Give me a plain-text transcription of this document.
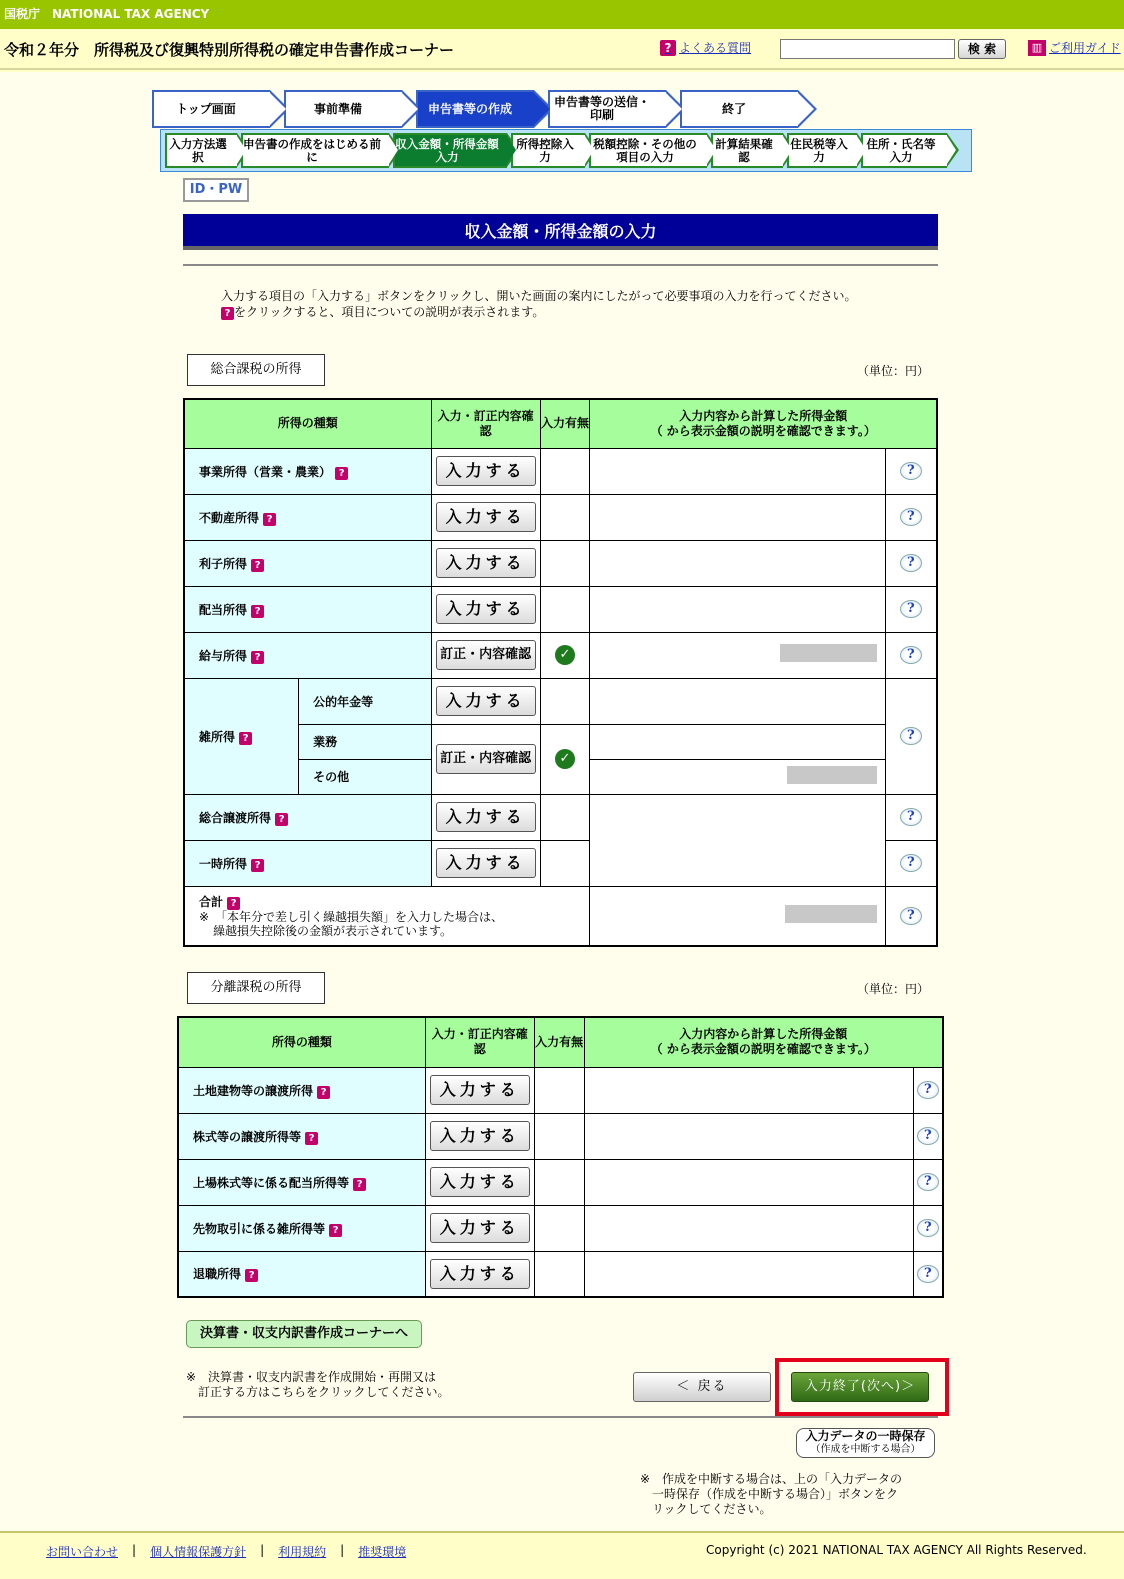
国税庁　NATIONAL TAX AGENCY
令和２年分　所得税及び復興特別所得税の確定申告書作成コーナー	? よくある質問	検 索	▥ ご利用ガイド
トップ画面	事前準備	申告書等の作成	申告書等の送信・印刷	終了
入力方法選択
申告書の作成をはじめる前に
収入金額・所得金額入力
所得控除入力
税額控除・その他の項目の入力
計算結果確認
住民税等入力
住所・氏名等入力
ID・PW
収入金額・所得金額の入力
入力する項目の「入力する」ボタンをクリックし、開いた画面の案内にしたがって必要事項の入力を行ってください。
? をクリックすると、項目についての説明が表示されます。
総合課税の所得	（単位：円）
所得の種類		入力・訂正内容確認	入力有無	入力内容から計算した所得金額
（ から表示金額の説明を確認できます。）	

事業所得（営業・農業） ?		入力する			?
不動産所得 ?		入力する			?
利子所得 ?		入力する			?
配当所得 ?		入力する			?
給与所得 ?		訂正・内容確認	✓		?
雑所得 ?	公的年金等	入力する			?
	業務	訂正・内容確認	✓		
	その他				
総合譲渡所得 ?		入力する			?
一時所得 ?		入力する			?

合計 ?
※　「本年分で差し引く繰越損失額」を入力した場合は、
繰越損失控除後の金額が表示されています。					?
分離課税の所得	（単位：円）
所得の種類	入力・訂正内容確認	入力有無	入力内容から計算した所得金額
（ から表示金額の説明を確認できます。）	

土地建物等の譲渡所得 ?	入力する			?
株式等の譲渡所得等 ?	入力する			?
上場株式等に係る配当所得等 ?	入力する			?
先物取引に係る雑所得等 ?	入力する			?
退職所得 ?	入力する			?
決算書・収支内訳書作成コーナーへ
※　決算書・収支内訳書を作成開始・再開又は
訂正する方はこちらをクリックしてください。	＜ 戻る	入力終了(次へ)＞
入力データの一時保存
（作成を中断する場合）
※　作成を中断する場合は、上の「入力データの
一時保存（作成を中断する場合）」ボタンをク
リックしてください。
お問い合わせ | 個人情報保護方針 | 利用規約 | 推奨環境	Copyright (c) 2021 NATIONAL TAX AGENCY All Rights Reserved.
